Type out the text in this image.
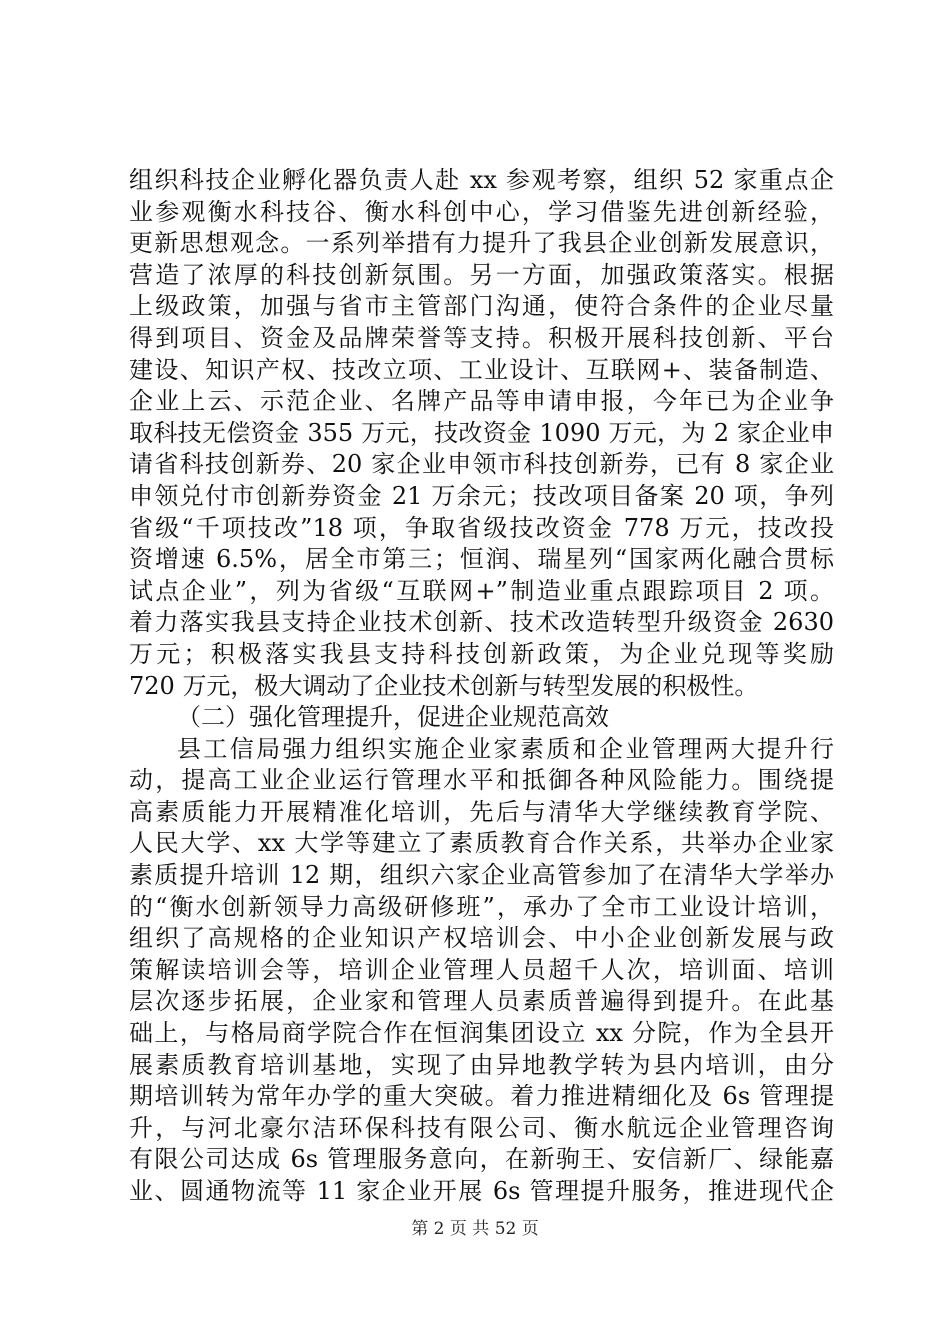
组织科技企业孵化器负责人赴 xx 参观考察，组织 52 家重点企
业参观衡水科技谷、衡水科创中心，学习借鉴先进创新经验，
更新思想观念。一系列举措有力提升了我县企业创新发展意识，
营造了浓厚的科技创新氛围。另一方面，加强政策落实。根据
上级政策，加强与省市主管部门沟通，使符合条件的企业尽量
得到项目、资金及品牌荣誉等支持。积极开展科技创新、平台
建设、知识产权、技改立项、工业设计、互联网+、装备制造、
企业上云、示范企业、名牌产品等申请申报，今年已为企业争
取科技无偿资金 355 万元，技改资金 1090 万元，为 2 家企业申
请省科技创新券、20 家企业申领市科技创新券，已有 8 家企业
申领兑付市创新券资金 21 万余元；技改项目备案 20 项，争列
省级“千项技改”18 项，争取省级技改资金 778 万元，技改投
资增速 6.5%，居全市第三；恒润、瑞星列“国家两化融合贯标
试点企业”，列为省级“互联网+”制造业重点跟踪项目 2 项。
着力落实我县支持企业技术创新、技术改造转型升级资金 2630
万元；积极落实我县支持科技创新政策，为企业兑现等奖励
720 万元，极大调动了企业技术创新与转型发展的积极性。
（二）强化管理提升，促进企业规范高效
县工信局强力组织实施企业家素质和企业管理两大提升行
动，提高工业企业运行管理水平和抵御各种风险能力。围绕提
高素质能力开展精准化培训，先后与清华大学继续教育学院、
人民大学、xx 大学等建立了素质教育合作关系，共举办企业家
素质提升培训 12 期，组织六家企业高管参加了在清华大学举办
的“衡水创新领导力高级研修班”，承办了全市工业设计培训，
组织了高规格的企业知识产权培训会、中小企业创新发展与政
策解读培训会等，培训企业管理人员超千人次，培训面、培训
层次逐步拓展，企业家和管理人员素质普遍得到提升。在此基
础上，与格局商学院合作在恒润集团设立 xx 分院，作为全县开
展素质教育培训基地，实现了由异地教学转为县内培训，由分
期培训转为常年办学的重大突破。着力推进精细化及 6s 管理提
升，与河北豪尔洁环保科技有限公司、衡水航远企业管理咨询
有限公司达成 6s 管理服务意向，在新驹王、安信新厂、绿能嘉
业、圆通物流等 11 家企业开展 6s 管理提升服务，推进现代企
第 2 页 共 52 页
